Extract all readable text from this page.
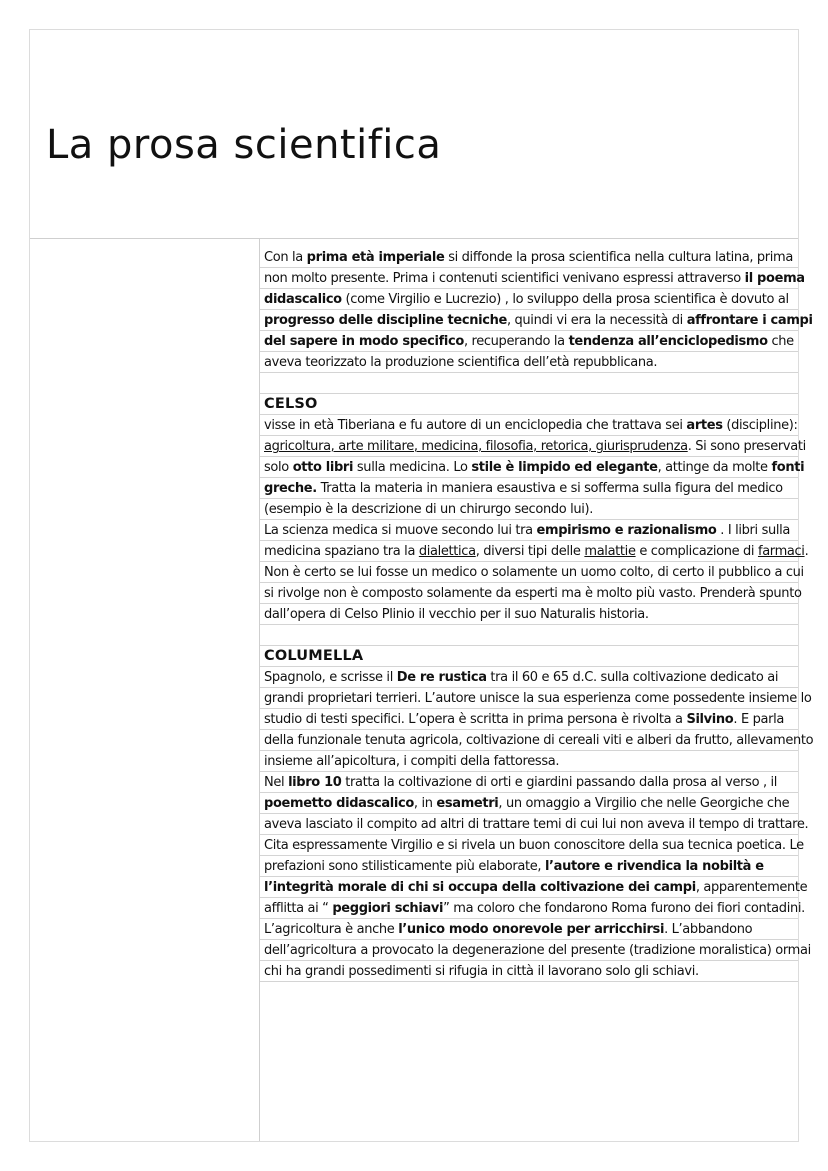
La prosa scientifica
Con la prima età imperiale si diffonde la prosa scientifica nella cultura latina, prima
non molto presente. Prima i contenuti scientifici venivano espressi attraverso il poema
didascalico (come Virgilio e Lucrezio) , lo sviluppo della prosa scientifica è dovuto al
progresso delle discipline tecniche, quindi vi era la necessità di affrontare i campi
del sapere in modo specifico, recuperando la tendenza all’enciclopedismo che
aveva teorizzato la produzione scientifica dell’età repubblicana.
CELSO
visse in età Tiberiana e fu autore di un enciclopedia che trattava sei artes (discipline):
agricoltura, arte militare, medicina, filosofia, retorica, giurisprudenza. Si sono preservati
solo otto libri sulla medicina. Lo stile è limpido ed elegante, attinge da molte fonti
greche. Tratta la materia in maniera esaustiva e si sofferma sulla figura del medico
(esempio è la descrizione di un chirurgo secondo lui).
La scienza medica si muove secondo lui tra empirismo e razionalismo . I libri sulla
medicina spaziano tra la dialettica, diversi tipi delle malattie e complicazione di farmaci.
Non è certo se lui fosse un medico o solamente un uomo colto, di certo il pubblico a cui
si rivolge non è composto solamente da esperti ma è molto più vasto. Prenderà spunto
dall’opera di Celso Plinio il vecchio per il suo Naturalis historia.
COLUMELLA
Spagnolo, e scrisse il De re rustica tra il 60 e 65 d.C. sulla coltivazione dedicato ai
grandi proprietari terrieri. L’autore unisce la sua esperienza come possedente insieme lo
studio di testi specifici. L’opera è scritta in prima persona è rivolta a Silvino. E parla
della funzionale tenuta agricola, coltivazione di cereali viti e alberi da frutto, allevamento
insieme all’apicoltura, i compiti della fattoressa.
Nel libro 10 tratta la coltivazione di orti e giardini passando dalla prosa al verso , il
poemetto didascalico, in esametri, un omaggio a Virgilio che nelle Georgiche che
aveva lasciato il compito ad altri di trattare temi di cui lui non aveva il tempo di trattare.
Cita espressamente Virgilio e si rivela un buon conoscitore della sua tecnica poetica. Le
prefazioni sono stilisticamente più elaborate, l’autore e rivendica la nobiltà e
l’integrità morale di chi si occupa della coltivazione dei campi, apparentemente
afflitta ai “ peggiori schiavi” ma coloro che fondarono Roma furono dei fiori contadini.
L’agricoltura è anche l’unico modo onorevole per arricchirsi. L’abbandono
dell’agricoltura a provocato la degenerazione del presente (tradizione moralistica) ormai
chi ha grandi possedimenti si rifugia in città il lavorano solo gli schiavi.
